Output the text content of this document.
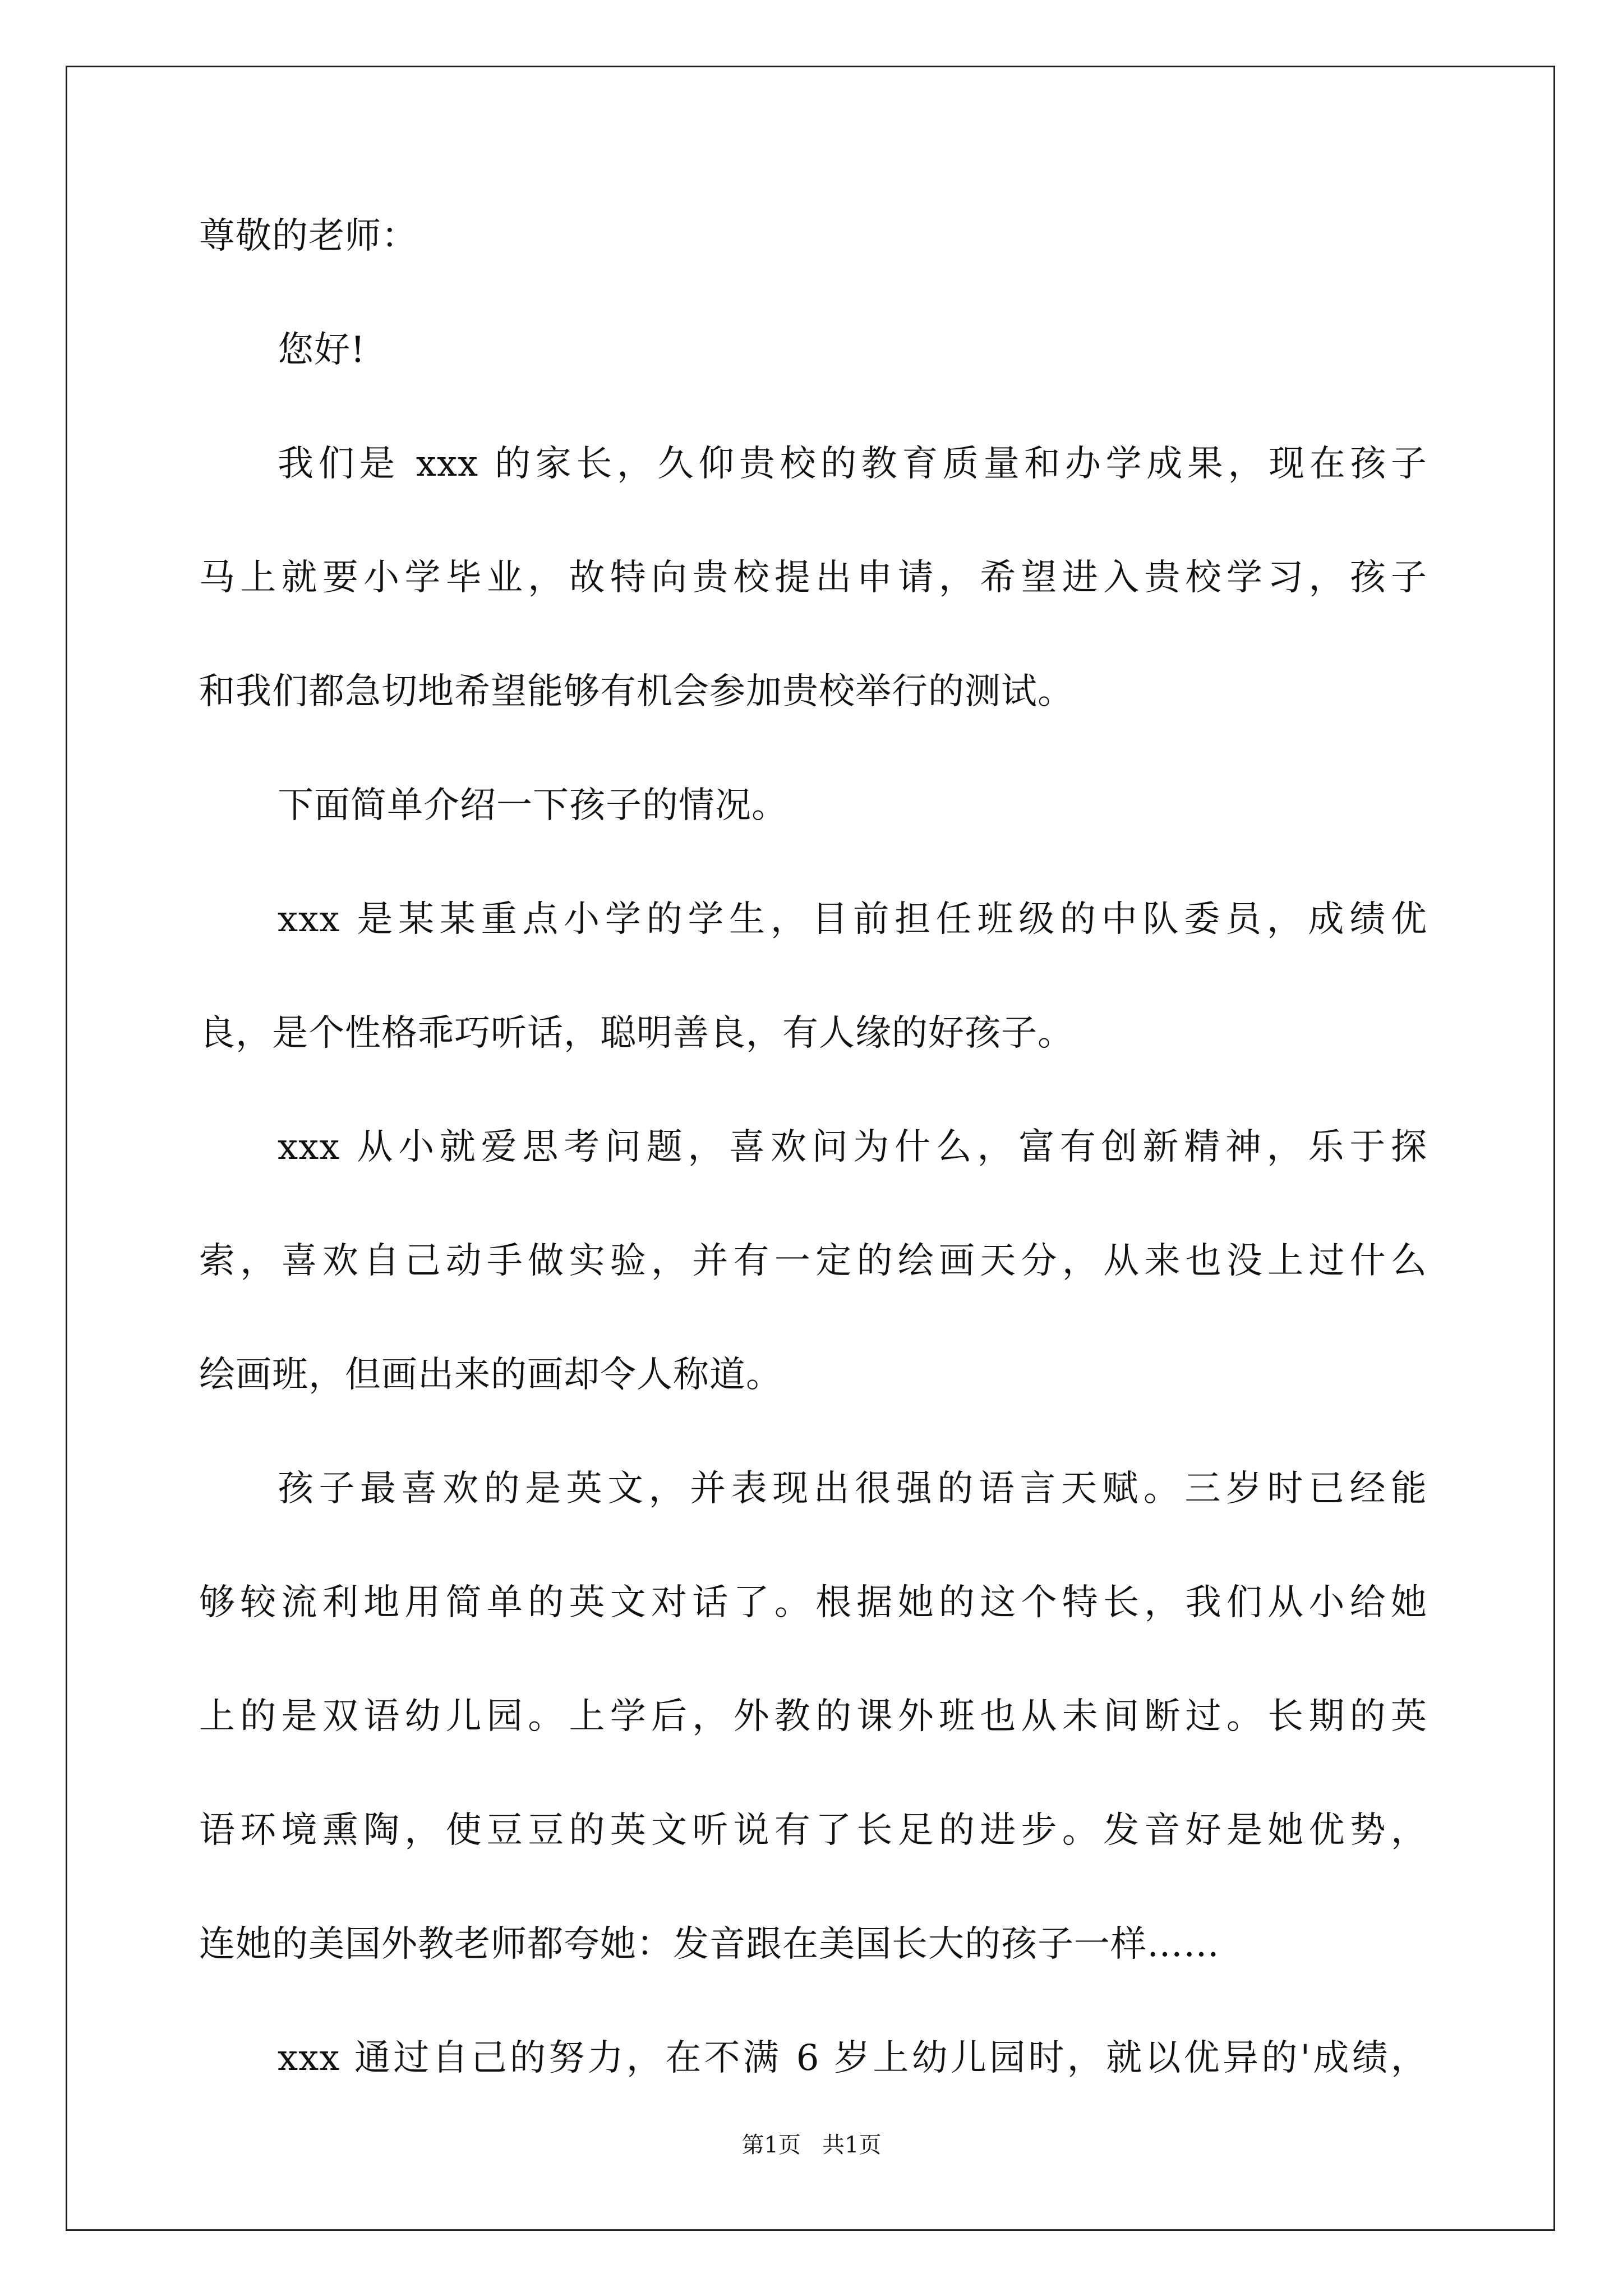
尊敬的老师：
您好!
我们是 xxx 的家长，久仰贵校的教育质量和办学成果，现在孩子
马上就要小学毕业，故特向贵校提出申请，希望进入贵校学习，孩子
和我们都急切地希望能够有机会参加贵校举行的测试。
下面简单介绍一下孩子的情况。
xxx 是某某重点小学的学生，目前担任班级的中队委员，成绩优
良，是个性格乖巧听话，聪明善良，有人缘的好孩子。
xxx 从小就爱思考问题，喜欢问为什么，富有创新精神，乐于探
索，喜欢自己动手做实验，并有一定的绘画天分，从来也没上过什么
绘画班，但画出来的画却令人称道。
孩子最喜欢的是英文，并表现出很强的语言天赋。三岁时已经能
够较流利地用简单的英文对话了。根据她的这个特长，我们从小给她
上的是双语幼儿园。上学后，外教的课外班也从未间断过。长期的英
语环境熏陶，使豆豆的英文听说有了长足的进步。发音好是她优势，
连她的美国外教老师都夸她：发音跟在美国长大的孩子一样……
xxx 通过自己的努力，在不满 6 岁上幼儿园时，就以优异的'成绩，
第1页   共1页
